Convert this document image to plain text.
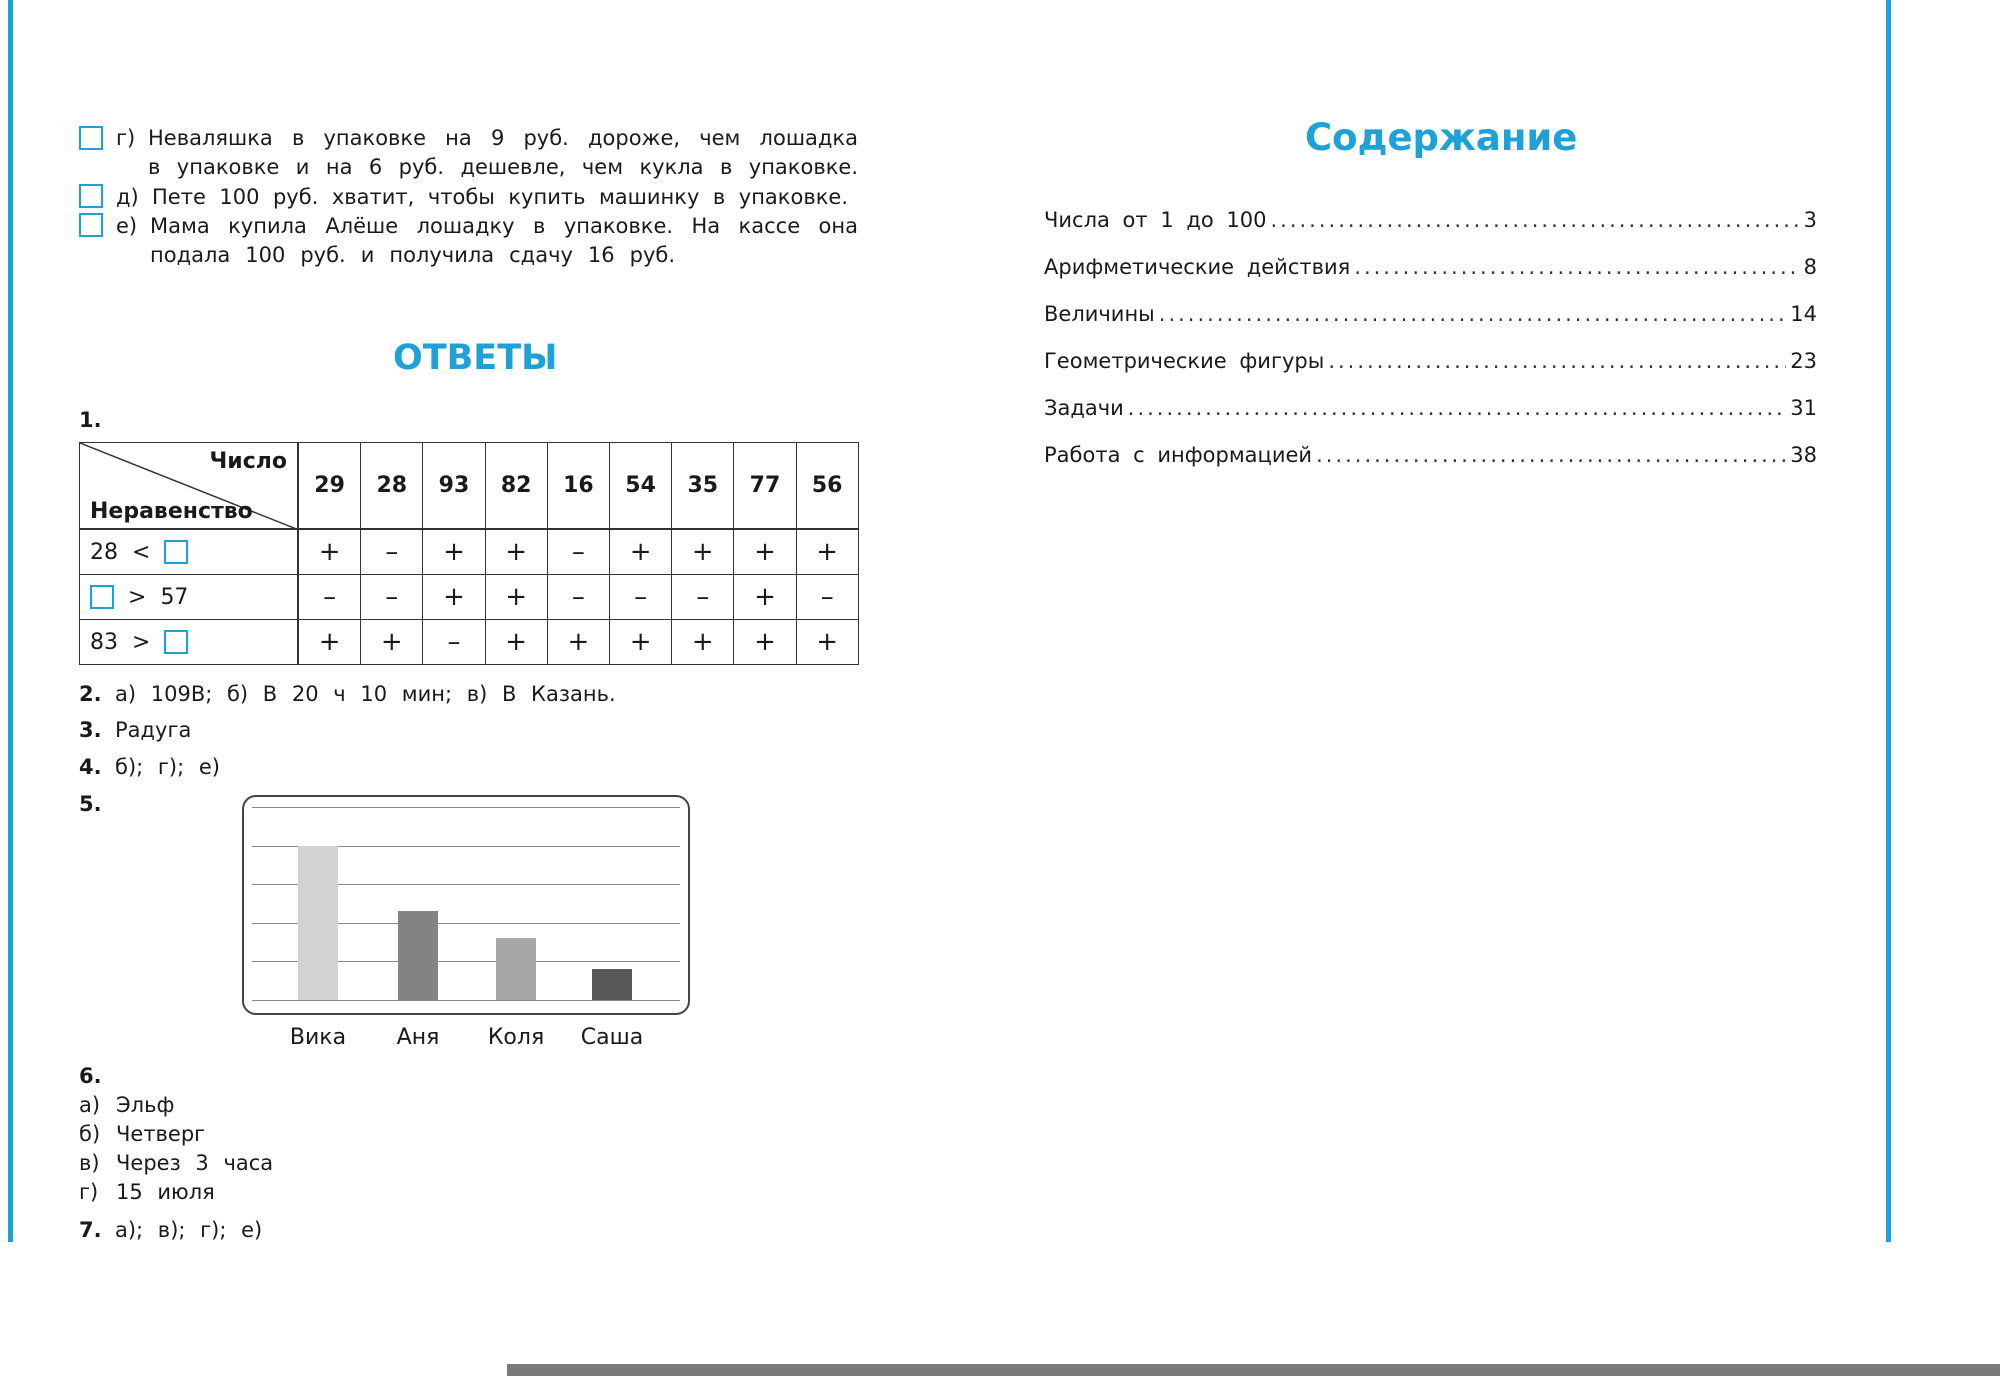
г) Неваляшка в упаковке на 9 руб. дороже, чем лошадка
в упаковке и на 6 руб. дешевле, чем кукла в упаковке.
д) Пете 100 руб. хватит, чтобы купить машинку в упаковке.
е) Мама купила Алёше лошадку в упаковке. На кассе она
подала 100 руб. и получила сдачу 16 руб.
ОТВЕТЫ
1.
Число
Неравенство
29	28	93	82	16	54	35	77	56
28 <	+	–	+	+	–	+	+	+	+
> 57	–	–	+	+	–	–	–	+	–
83 >	+	+	–	+	+	+	+	+	+
2. а) 109В; б) В 20 ч 10 мин; в) В Казань.
3. Радуга
4. б); г); е)
5.
Вика	Аня	Коля	Саша
6.
а) Эльф
б) Четверг
в) Через 3 часа
г) 15 июля
7. а); в); г); е)
Содержание
Числа от 1 до 100 .....	3
Арифметические действия .....	8
Величины .....	14
Геометрические фигуры .....	23
Задачи .....	31
Работа с информацией .....	38
